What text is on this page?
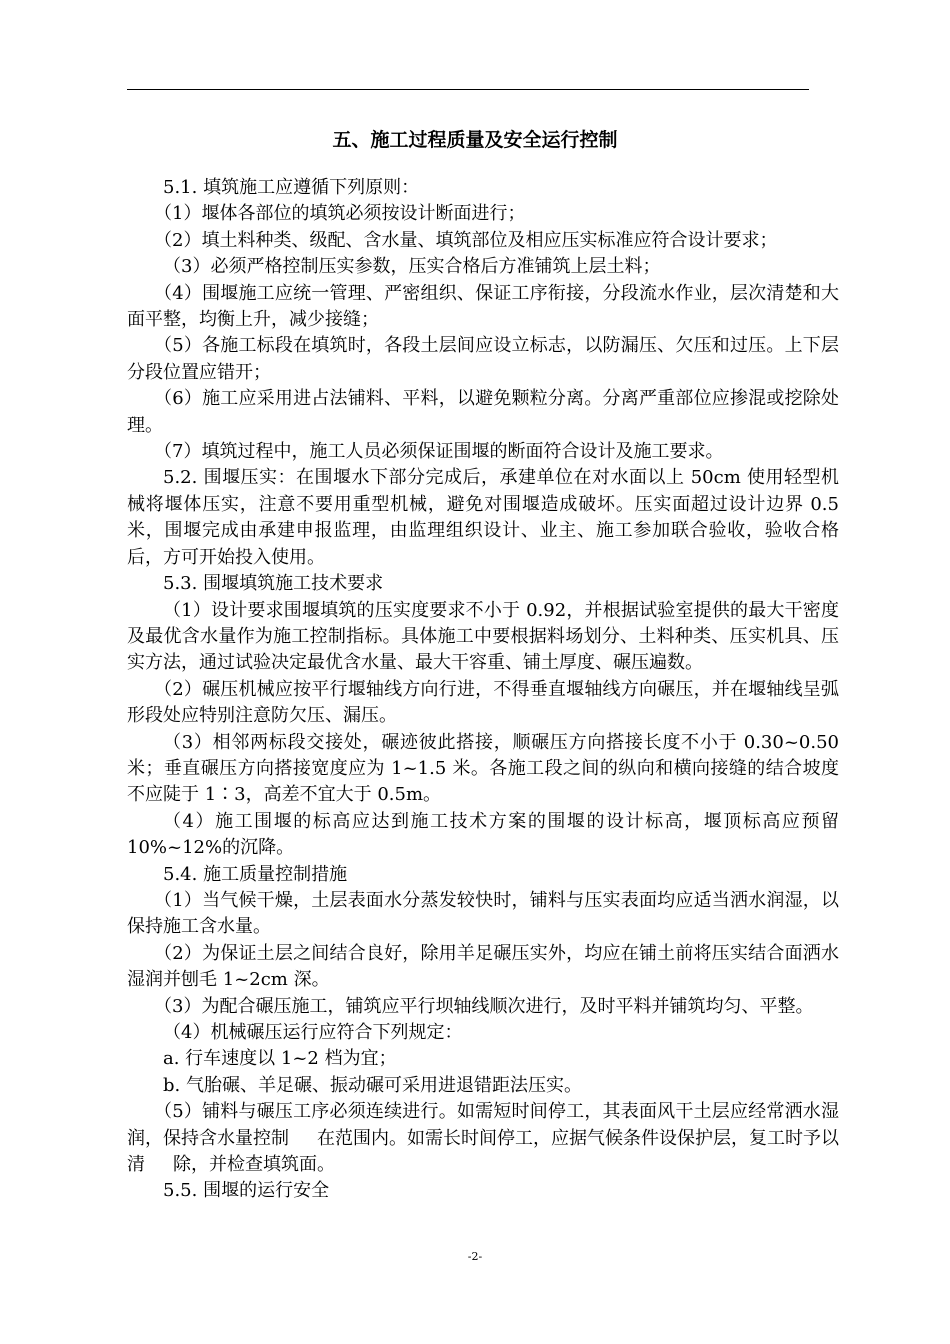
五、施工过程质量及安全运行控制

5.1. 填筑施工应遵循下列原则：

（1）堰体各部位的填筑必须按设计断面进行；

（2）填土料种类、级配、含水量、填筑部位及相应压实标准应符合设计要求；

（3）必须严格控制压实参数，压实合格后方准铺筑上层土料；

（4）围堰施工应统一管理、严密组织、保证工序衔接，分段流水作业，层次清楚和大面平整，均衡上升，减少接缝；

（5）各施工标段在填筑时，各段土层间应设立标志，以防漏压、欠压和过压。上下层分段位置应错开；

（6）施工应采用进占法铺料、平料，以避免颗粒分离。分离严重部位应掺混或挖除处理。

（7）填筑过程中，施工人员必须保证围堰的断面符合设计及施工要求。

5.2. 围堰压实：在围堰水下部分完成后，承建单位在对水面以上 50cm 使用轻型机械将堰体压实，注意不要用重型机械，避免对围堰造成破坏。压实面超过设计边界 0.5 米，围堰完成由承建申报监理，由监理组织设计、业主、施工参加联合验收，验收合格后，方可开始投入使用。

5.3. 围堰填筑施工技术要求

（1）设计要求围堰填筑的压实度要求不小于 0.92，并根据试验室提供的最大干密度及最优含水量作为施工控制指标。具体施工中要根据料场划分、土料种类、压实机具、压实方法，通过试验决定最优含水量、最大干容重、铺土厚度、碾压遍数。

（2）碾压机械应按平行堰轴线方向行进，不得垂直堰轴线方向碾压，并在堰轴线呈弧形段处应特别注意防欠压、漏压。

（3）相邻两标段交接处，碾迹彼此搭接，顺碾压方向搭接长度不小于 0.30~0.50 米；垂直碾压方向搭接宽度应为 1~1.5 米。各施工段之间的纵向和横向接缝的结合坡度不应陡于 1∶3，高差不宜大于 0.5m。

（4）施工围堰的标高应达到施工技术方案的围堰的设计标高，堰顶标高应预留 10%~12%的沉降。

5.4. 施工质量控制措施

（1）当气候干燥，土层表面水分蒸发较快时，铺料与压实表面均应适当洒水润湿，以保持施工含水量。

（2）为保证土层之间结合良好，除用羊足碾压实外，均应在铺土前将压实结合面洒水湿润并刨毛 1~2cm 深。

（3）为配合碾压施工，铺筑应平行坝轴线顺次进行，及时平料并铺筑均匀、平整。

（4）机械碾压运行应符合下列规定：

a. 行车速度以 1~2 档为宜；

b. 气胎碾、羊足碾、振动碾可采用进退错距法压实。

（5）铺料与碾压工序必须连续进行。如需短时间停工，其表面风干土层应经常洒水湿润，保持含水量控制 在范围内。如需长时间停工，应据气候条件设保护层，复工时予以清 除，并检查填筑面。

5.5. 围堰的运行安全

-2-
